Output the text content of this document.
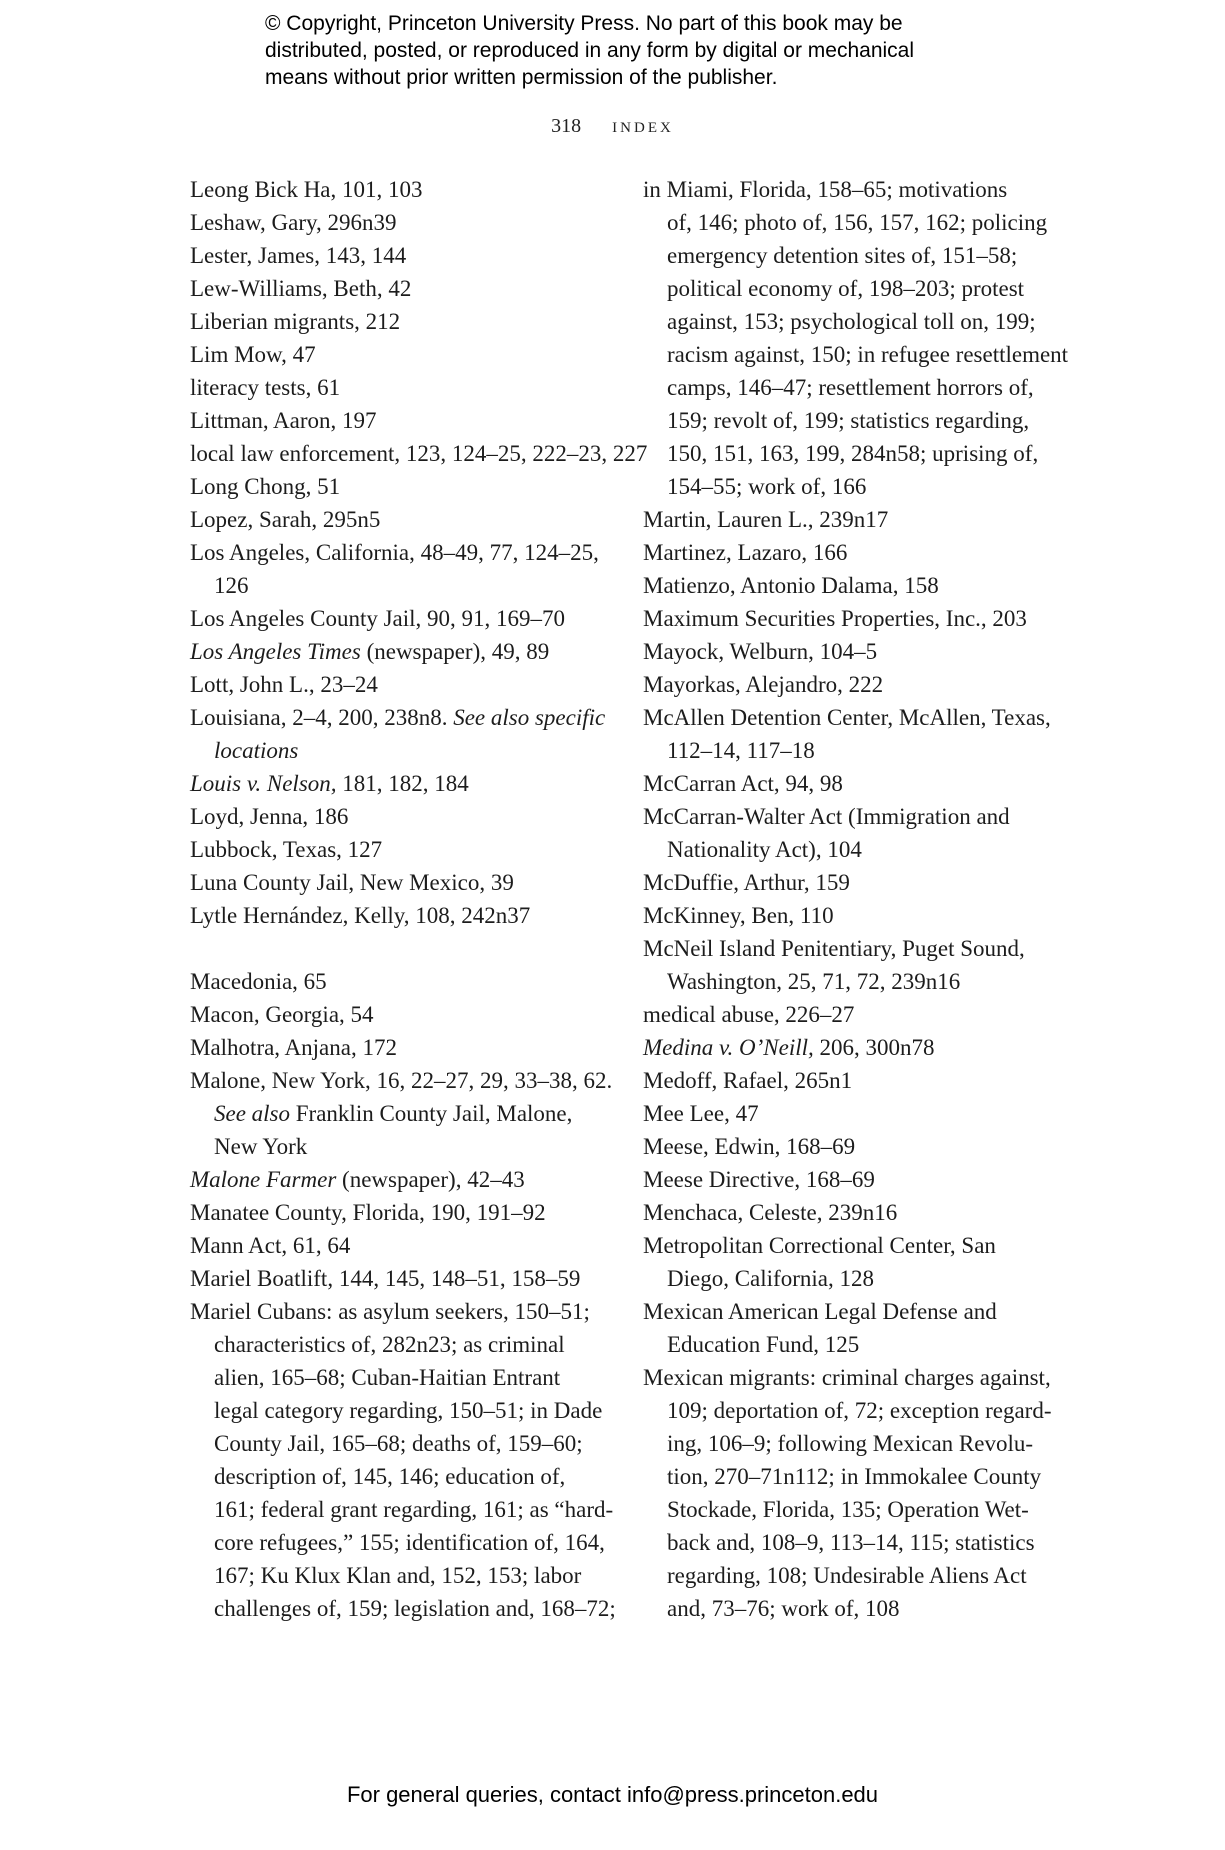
© Copyright, Princeton University Press. No part of this book may be
distributed, posted, or reproduced in any form by digital or mechanical
means without prior written permission of the publisher.
318 index
Leong Bick Ha, 101, 103
Leshaw, Gary, 296n39
Lester, James, 143, 144
Lew-Williams, Beth, 42
Liberian migrants, 212
Lim Mow, 47
literacy tests, 61
Littman, Aaron, 197
local law enforcement, 123, 124–25, 222–23, 227
Long Chong, 51
Lopez, Sarah, 295n5
Los Angeles, California, 48–49, 77, 124–25,
126
Los Angeles County Jail, 90, 91, 169–70
Los Angeles Times (newspaper), 49, 89
Lott, John L., 23–24
Louisiana, 2–4, 200, 238n8. See also specific
locations
Louis v. Nelson, 181, 182, 184
Loyd, Jenna, 186
Lubbock, Texas, 127
Luna County Jail, New Mexico, 39
Lytle Hernández, Kelly, 108, 242n37
Macedonia, 65
Macon, Georgia, 54
Malhotra, Anjana, 172
Malone, New York, 16, 22–27, 29, 33–38, 62.
See also Franklin County Jail, Malone,
New York
Malone Farmer (newspaper), 42–43
Manatee County, Florida, 190, 191–92
Mann Act, 61, 64
Mariel Boatlift, 144, 145, 148–51, 158–59
Mariel Cubans: as asylum seekers, 150–51;
characteristics of, 282n23; as criminal
alien, 165–68; Cuban-Haitian Entrant
legal category regarding, 150–51; in Dade
County Jail, 165–68; deaths of, 159–60;
description of, 145, 146; education of,
161; federal grant regarding, 161; as “hard-
core refugees,” 155; identification of, 164,
167; Ku Klux Klan and, 152, 153; labor
challenges of, 159; legislation and, 168–72;
in Miami, Florida, 158–65; motivations
of, 146; photo of, 156, 157, 162; policing
emergency detention sites of, 151–58;
political economy of, 198–203; protest
against, 153; psychological toll on, 199;
racism against, 150; in refugee resettlement
camps, 146–47; resettlement horrors of,
159; revolt of, 199; statistics regarding,
150, 151, 163, 199, 284n58; uprising of,
154–55; work of, 166
Martin, Lauren L., 239n17
Martinez, Lazaro, 166
Matienzo, Antonio Dalama, 158
Maximum Securities Properties, Inc., 203
Mayock, Welburn, 104–5
Mayorkas, Alejandro, 222
McAllen Detention Center, McAllen, Texas,
112–14, 117–18
McCarran Act, 94, 98
McCarran-Walter Act (Immigration and
Nationality Act), 104
McDuffie, Arthur, 159
McKinney, Ben, 110
McNeil Island Penitentiary, Puget Sound,
Washington, 25, 71, 72, 239n16
medical abuse, 226–27
Medina v. O’Neill, 206, 300n78
Medoff, Rafael, 265n1
Mee Lee, 47
Meese, Edwin, 168–69
Meese Directive, 168–69
Menchaca, Celeste, 239n16
Metropolitan Correctional Center, San
Diego, California, 128
Mexican American Legal Defense and
Education Fund, 125
Mexican migrants: criminal charges against,
109; deportation of, 72; exception regard-
ing, 106–9; following Mexican Revolu-
tion, 270–71n112; in Immokalee County
Stockade, Florida, 135; Operation Wet-
back and, 108–9, 113–14, 115; statistics
regarding, 108; Undesirable Aliens Act
and, 73–76; work of, 108
For general queries, contact info@press.princeton.edu
